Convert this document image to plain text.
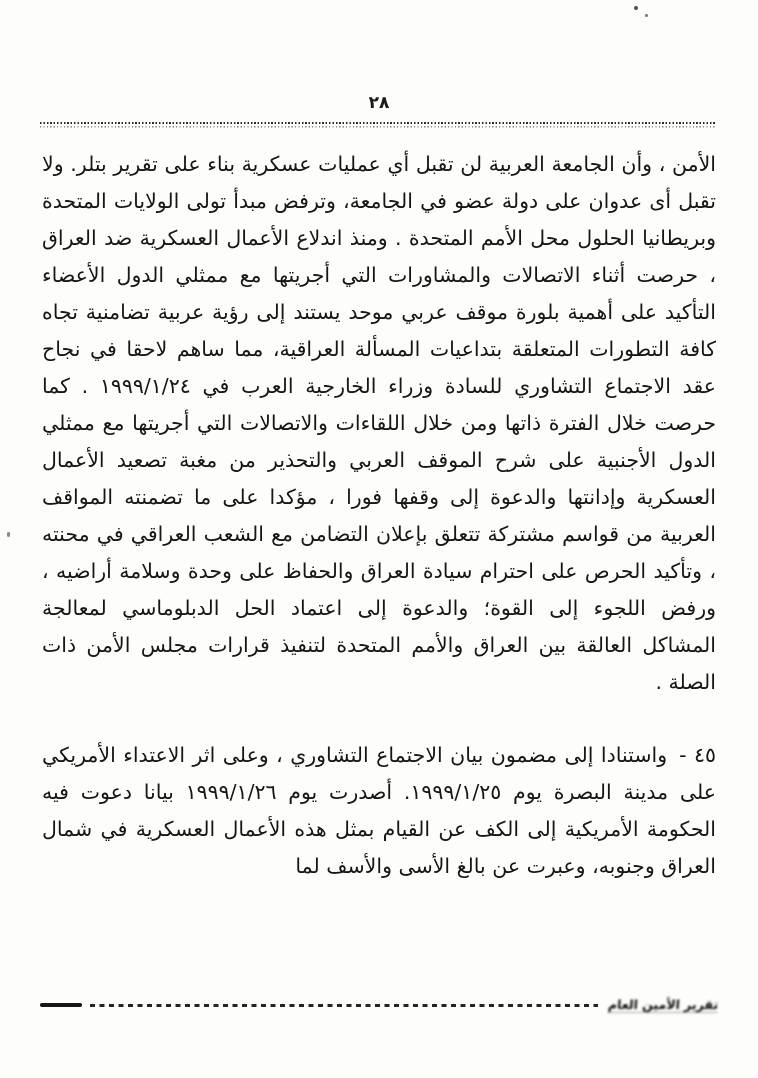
٢٨

الأمن ، وأن الجامعة العربية لن تقبل أي عمليات عسكرية بناء على تقرير بتلر. ولا تقبل أى عدوان على دولة عضو في الجامعة، وترفض مبدأ تولى الولايات المتحدة وبريطانيا الحلول محل الأمم المتحدة . ومنذ اندلاع الأعمال العسكرية ضد العراق ، حرصت أثناء الاتصالات والمشاورات التي أجريتها مع ممثلي الدول الأعضاء التأكيد على أهمية بلورة موقف عربي موحد يستند إلى رؤية عربية تضامنية تجاه كافة التطورات المتعلقة بتداعيات المسألة العراقية، مما ساهم لاحقا في نجاح عقد الاجتماع التشاوري للسادة وزراء الخارجية العرب في ١٩٩٩/١/٢٤ . كما حرصت خلال الفترة ذاتها ومن خلال اللقاءات والاتصالات التي أجريتها مع ممثلي الدول الأجنبية على شرح الموقف العربي والتحذير من مغبة تصعيد الأعمال العسكرية وإدانتها والدعوة إلى وقفها فورا ، مؤكدا على ما تضمنته المواقف العربية من قواسم مشتركة تتعلق بإعلان التضامن مع الشعب العراقي في محنته ، وتأكيد الحرص على احترام سيادة العراق والحفاظ على وحدة وسلامة أراضيه ، ورفض اللجوء إلى القوة؛ والدعوة إلى اعتماد الحل الدبلوماسي لمعالجة المشاكل العالقة بين العراق والأمم المتحدة لتنفيذ قرارات مجلس الأمن ذات الصلة .

٤٥ -واستنادا إلى مضمون بيان الاجتماع التشاوري ، وعلى اثر الاعتداء الأمريكي على مدينة البصرة يوم ١٩٩٩/١/٢٥. أصدرت يوم ١٩٩٩/١/٢٦ بيانا دعوت فيه الحكومة الأمريكية إلى الكف عن القيام بمثل هذه الأعمال العسكرية في شمال العراق وجنوبه، وعبرت عن بالغ الأسى والأسف لما

تقرير الأمين العام
